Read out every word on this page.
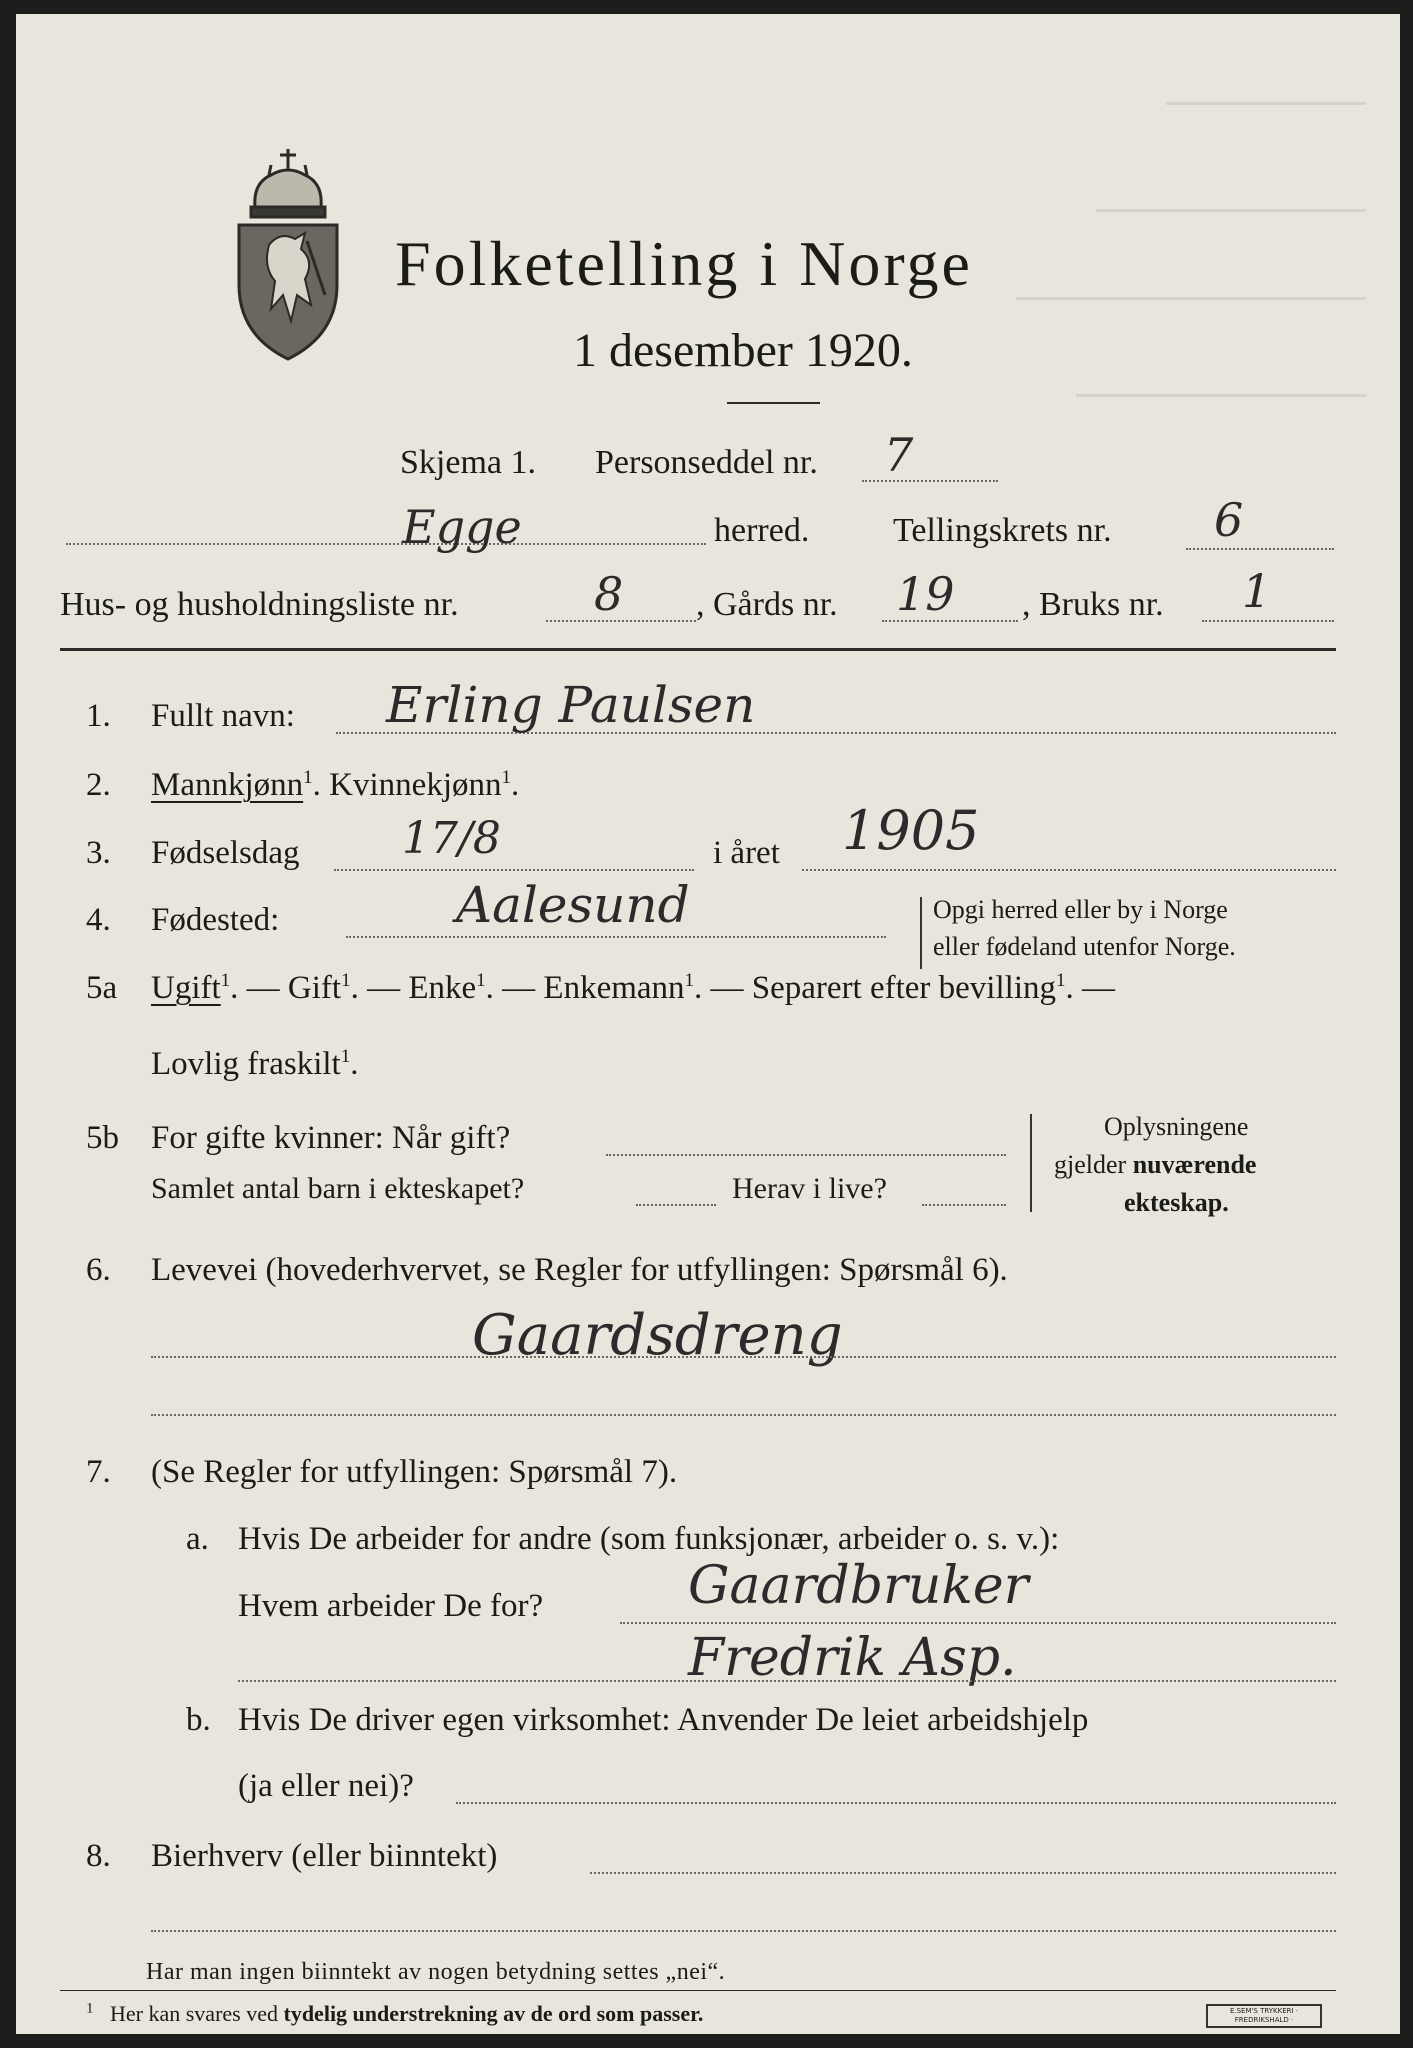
Folketelling i Norge
1 desember 1920.
Skjema 1. Personseddel nr. 7
Egge	herred. Tellingskrets nr. 6
Hus- og husholdningsliste nr.	8 , Gårds nr. 19 , Bruks nr. 1
1. Fullt navn: Erling Paulsen
2. Mannkjønn$^1$. Kvinnekjønn$^1$.
3. Fødselsdag 17/8	i året 1905
4. Fødested:	Aalesund	Opgi herred eller by i Norge
eller fødeland utenfor Norge.
5a Ugift$^1$. — Gift$^1$. — Enke$^1$. — Enkemann$^1$. — Separert efter bevilling$^1$. —
Lovlig fraskilt$^1$.
5b For gifte kvinner: Når gift?
Samlet antal barn i ekteskapet?	Herav i live?
Oplysningene
gjelder nuværende
ekteskap.
6. Levevei (hovederhvervet, se Regler for utfyllingen: Spørsmål 6).
Gaardsdreng
7. (Se Regler for utfyllingen: Spørsmål 7).
a. Hvis De arbeider for andre (som funksjonær, arbeider o. s. v.):
Hvem arbeider De for?	Gaardbruker
Fredrik Asp.
b. Hvis De driver egen virksomhet: Anvender De leiet arbeidshjelp
(ja eller nei)?
8. Bierhverv (eller biinntekt)
Har man ingen biinntekt av nogen betydning settes „nei“.
$^1$ Her kan svares ved tydelig understrekning av de ord som passer.	E.SEM'S TRYKKERI · FREDRIKSHALD ·
